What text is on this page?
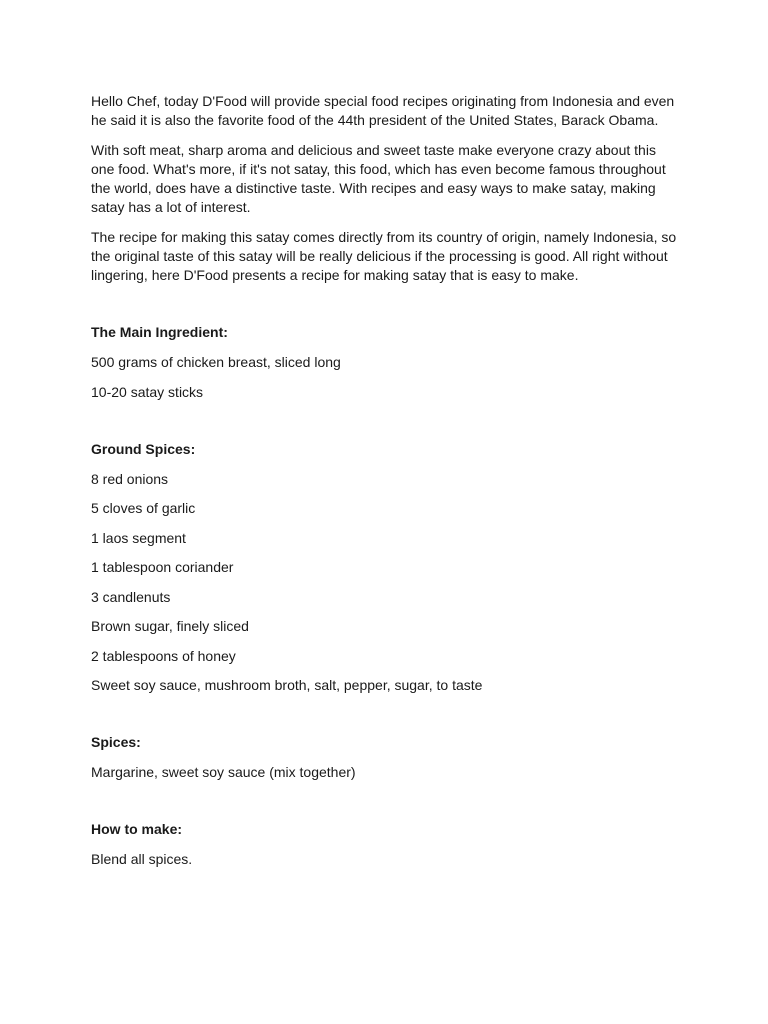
Hello Chef, today D'Food will provide special food recipes originating from Indonesia and even he said it is also the favorite food of the 44th president of the United States, Barack Obama.

With soft meat, sharp aroma and delicious and sweet taste make everyone crazy about this one food. What's more, if it's not satay, this food, which has even become famous throughout the world, does have a distinctive taste. With recipes and easy ways to make satay, making satay has a lot of interest.

The recipe for making this satay comes directly from its country of origin, namely Indonesia, so the original taste of this satay will be really delicious if the processing is good. All right without lingering, here D'Food presents a recipe for making satay that is easy to make.

The Main Ingredient:

500 grams of chicken breast, sliced long

10-20 satay sticks

Ground Spices:

8 red onions

5 cloves of garlic

1 laos segment

1 tablespoon coriander

3 candlenuts

Brown sugar, finely sliced

2 tablespoons of honey

Sweet soy sauce, mushroom broth, salt, pepper, sugar, to taste

Spices:

Margarine, sweet soy sauce (mix together)

How to make:

Blend all spices.
